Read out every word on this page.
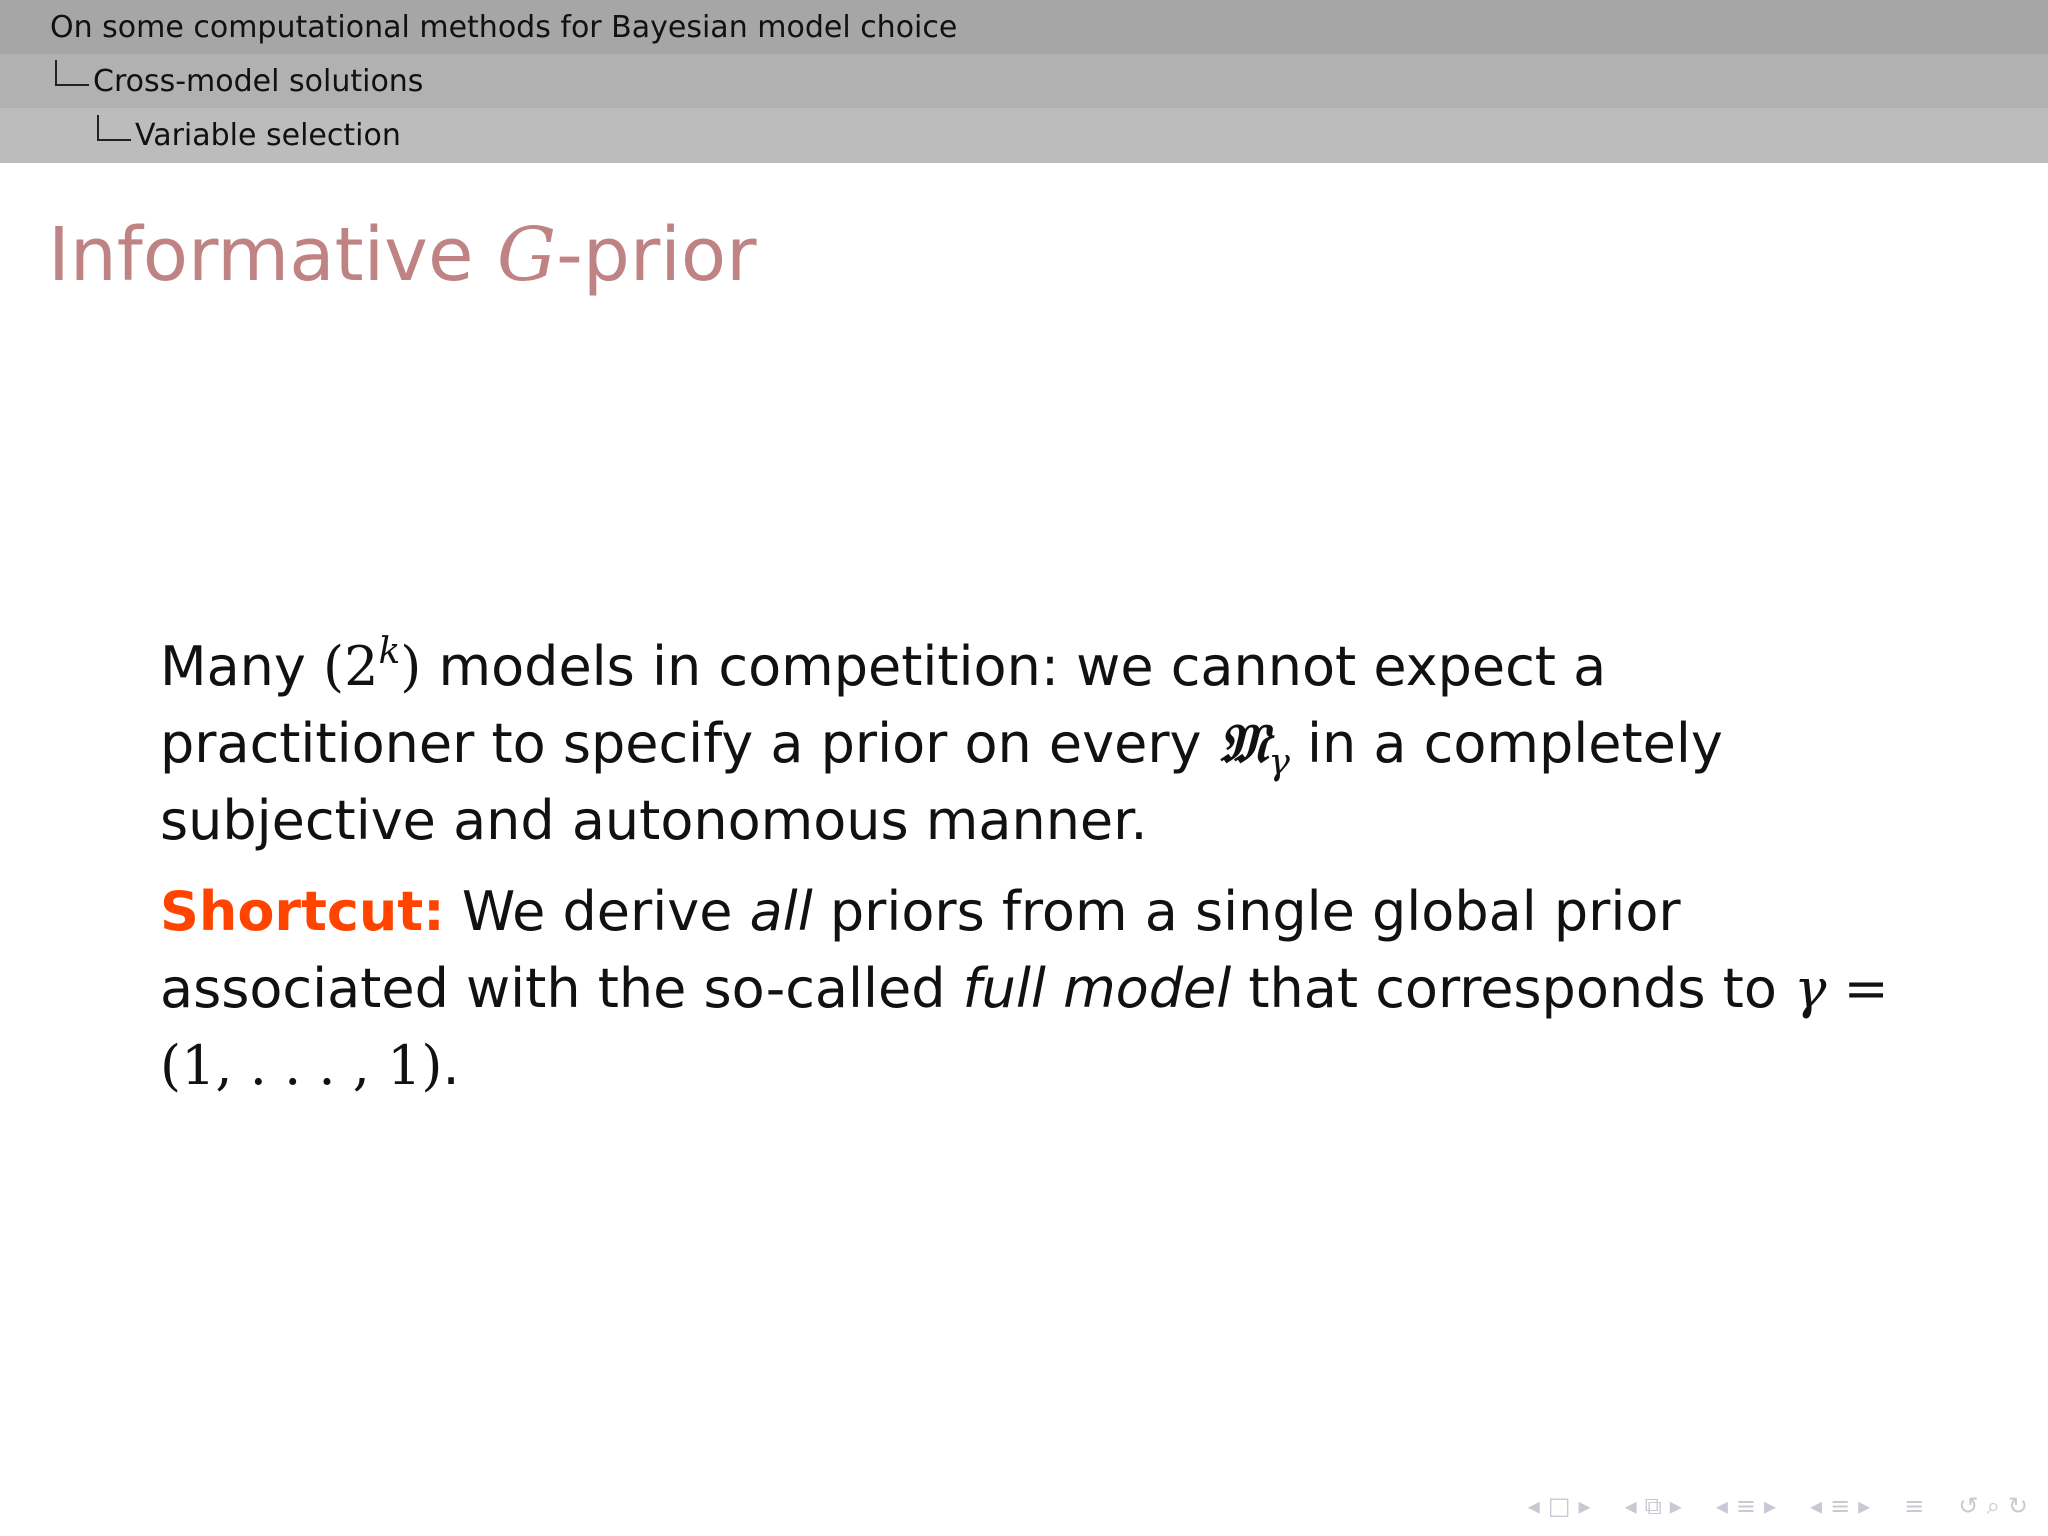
On some computational methods for Bayesian model choice
Cross-model solutions
Variable selection
Informative G-prior

Many (2$^k$) models in competition: we cannot expect a practitioner to specify a prior on every 𝔐$_\gamma$ in a completely subjective and autonomous manner.

Shortcut: We derive all priors from a single global prior associated with the so-called full model that corresponds to γ = (1, . . . , 1).

◂ □ ▸ ◂ ⧉ ▸ ◂ ≡ ▸ ◂ ≡ ▸ ≡ ↺ ⌕ ↻
